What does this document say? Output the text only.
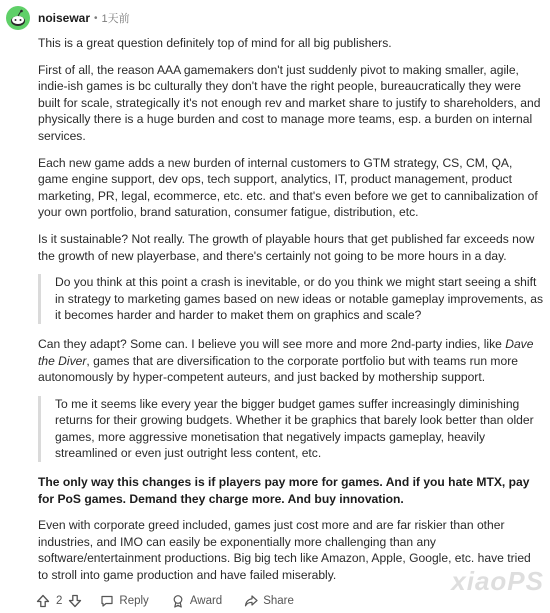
noisewar • 1天前

This is a great question definitely top of mind for all big publishers.

First of all, the reason AAA gamemakers don't just suddenly pivot to making smaller, agile, indie-ish games is bc culturally they don't have the right people, bureaucratically they were built for scale, strategically it's not enough rev and market share to justify to shareholders, and physically there is a huge burden and cost to manage more teams, esp. a burden on internal services.

Each new game adds a new burden of internal customers to GTM strategy, CS, CM, QA, game engine support, dev ops, tech support, analytics, IT, product management, product marketing, PR, legal, ecommerce, etc. etc. and that's even before we get to cannibalization of your own portfolio, brand saturation, consumer fatigue, distribution, etc.

Is it sustainable? Not really. The growth of playable hours that get published far exceeds now the growth of new playerbase, and there's certainly not going to be more hours in a day.

Do you think at this point a crash is inevitable, or do you think we might start seeing a shift in strategy to marketing games based on new ideas or notable gameplay improvements, as it becomes harder and harder to maket them on graphics and scale?

Can they adapt? Some can. I believe you will see more and more 2nd-party indies, like Dave the Diver, games that are diversification to the corporate portfolio but with teams run more autonomously by hyper-competent auteurs, and just backed by mothership support.

To me it seems like every year the bigger budget games suffer increasingly diminishing returns for their growing budgets. Whether it be graphics that barely look better than older games, more aggressive monetisation that negatively impacts gameplay, heavily streamlined or even just outright less content, etc.

The only way this changes is if players pay more for games. And if you hate MTX, pay for PoS games. Demand they charge more. And buy innovation.

Even with corporate greed included, games just cost more and are far riskier than other industries, and IMO can easily be exponentially more challenging than any software/entertainment productions. Big big tech like Amazon, Apple, Google, etc. have tried to stroll into game production and have failed miserably.

2	Reply	Award	Share
xiaoPS
